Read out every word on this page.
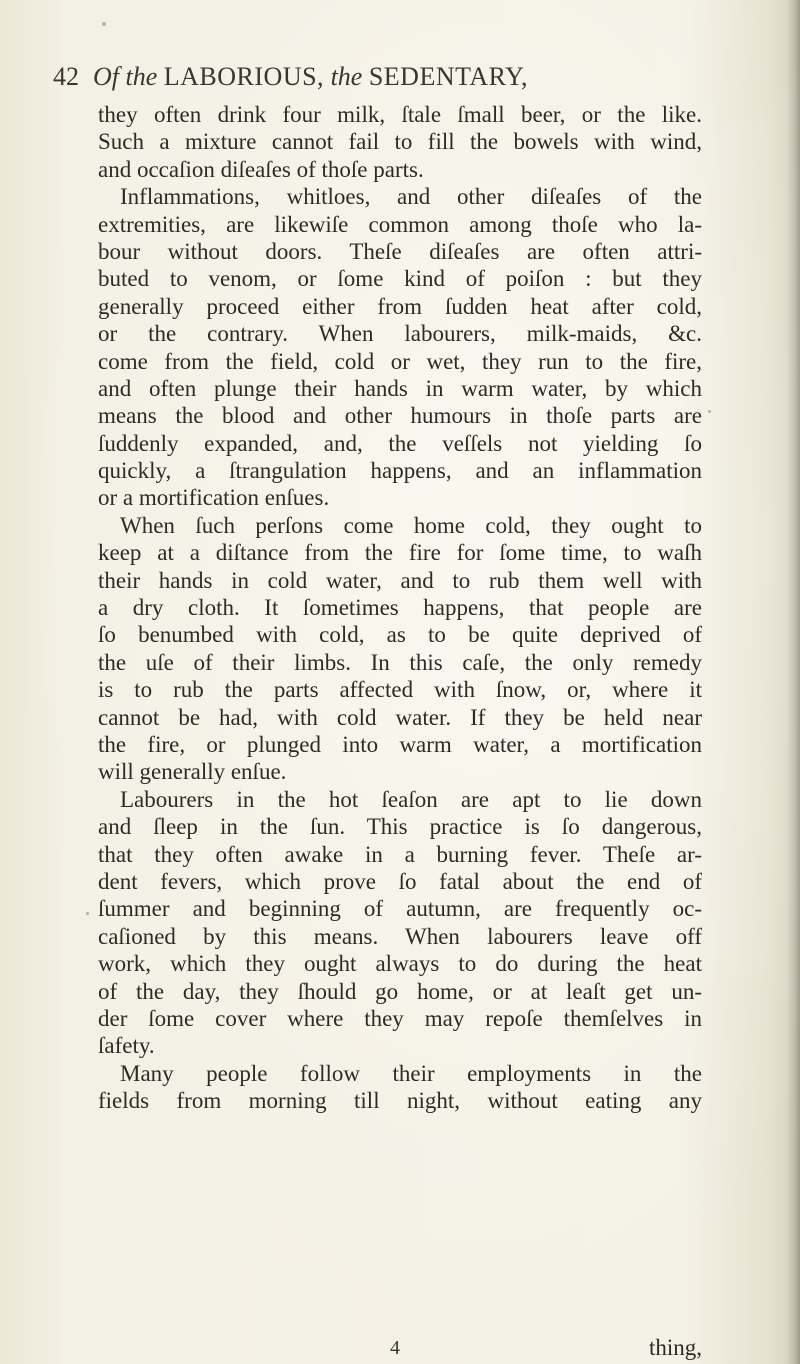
42 Of the LABORIOUS, the SEDENTARY,
they often drink four milk, ſtale ſmall beer, or the like.
Such a mixture cannot fail to fill the bowels with wind,
and occaſion diſeaſes of thoſe parts.
Inflammations, whitloes, and other diſeaſes of the
extremities, are likewiſe common among thoſe who la-
bour without doors. Theſe diſeaſes are often attri-
buted to venom, or ſome kind of poiſon : but they
generally proceed either from ſudden heat after cold,
or the contrary. When labourers, milk-maids, &c.
come from the field, cold or wet, they run to the fire,
and often plunge their hands in warm water, by which
means the blood and other humours in thoſe parts are
ſuddenly expanded, and, the veſſels not yielding ſo
quickly, a ſtrangulation happens, and an inflammation
or a mortification enſues.
When ſuch perſons come home cold, they ought to
keep at a diſtance from the fire for ſome time, to waſh
their hands in cold water, and to rub them well with
a dry cloth. It ſometimes happens, that people are
ſo benumbed with cold, as to be quite deprived of
the uſe of their limbs. In this caſe, the only remedy
is to rub the parts affected with ſnow, or, where it
cannot be had, with cold water. If they be held near
the fire, or plunged into warm water, a mortification
will generally enſue.
Labourers in the hot ſeaſon are apt to lie down
and ſleep in the ſun. This practice is ſo dangerous,
that they often awake in a burning fever. Theſe ar-
dent fevers, which prove ſo fatal about the end of
ſummer and beginning of autumn, are frequently oc-
caſioned by this means. When labourers leave off
work, which they ought always to do during the heat
of the day, they ſhould go home, or at leaſt get un-
der ſome cover where they may repoſe themſelves in
ſafety.
Many people follow their employments in the
fields from morning till night, without eating any
4	thing,
